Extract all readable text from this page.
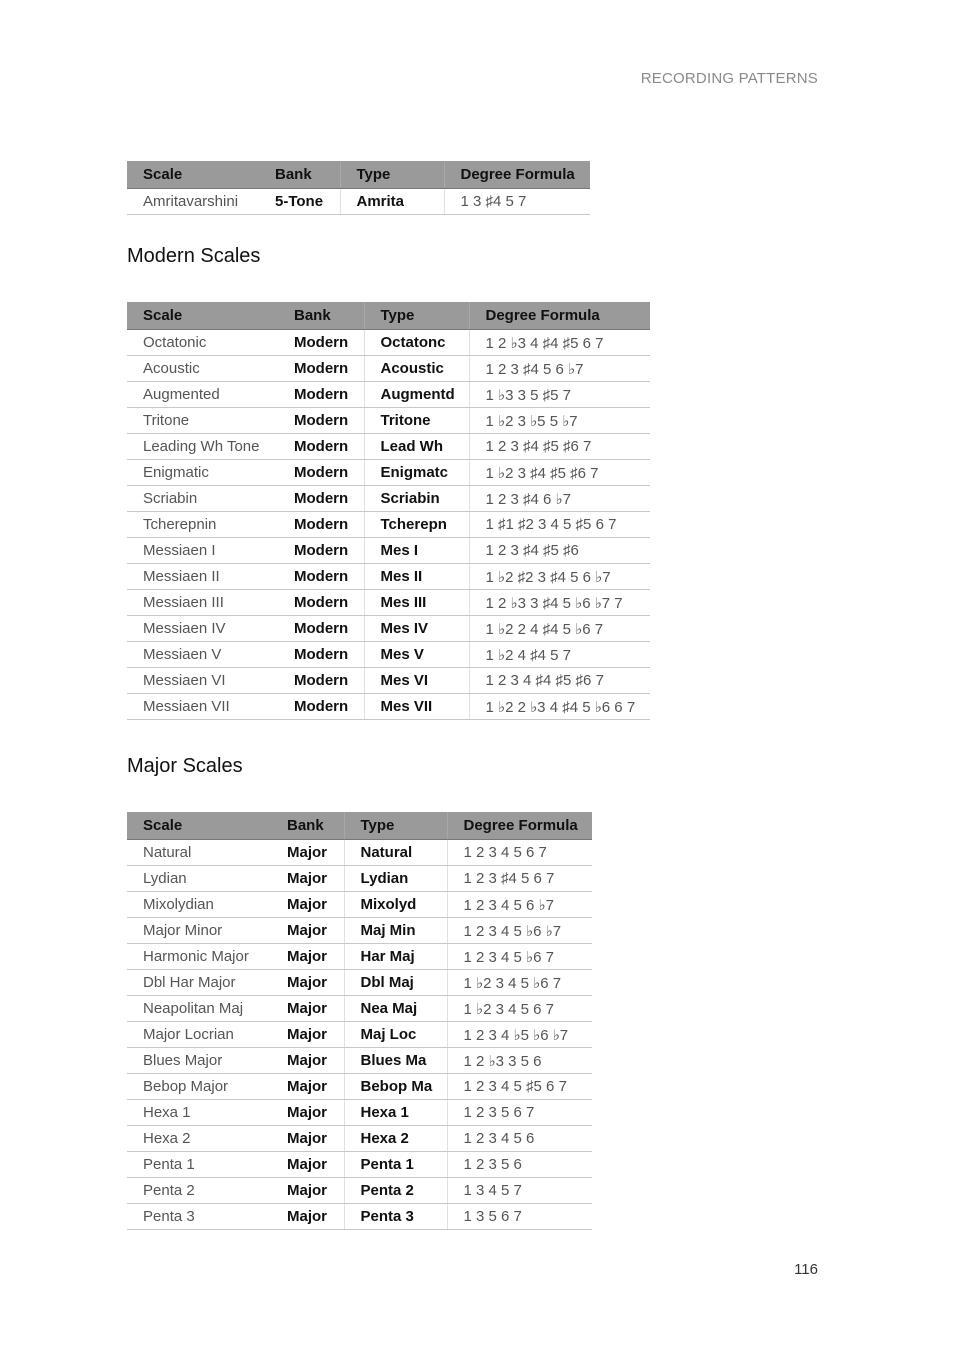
RECORDING PATTERNS
Scale	Bank	Type	Degree Formula
Amritavarshini	5-Tone	Amrita	1 3 ♯4 5 7
Modern Scales
Scale	Bank	Type	Degree Formula
Octatonic	Modern	Octatonc	1 2 ♭3 4 ♯4 ♯5 6 7
Acoustic	Modern	Acoustic	1 2 3 ♯4 5 6 ♭7
Augmented	Modern	Augmentd	1 ♭3 3 5 ♯5 7
Tritone	Modern	Tritone	1 ♭2 3 ♭5 5 ♭7
Leading Wh Tone	Modern	Lead Wh	1 2 3 ♯4 ♯5 ♯6 7
Enigmatic	Modern	Enigmatc	1 ♭2 3 ♯4 ♯5 ♯6 7
Scriabin	Modern	Scriabin	1 2 3 ♯4 6 ♭7
Tcherepnin	Modern	Tcherepn	1 ♯1 ♯2 3 4 5 ♯5 6 7
Messiaen I	Modern	Mes I	1 2 3 ♯4 ♯5 ♯6
Messiaen II	Modern	Mes II	1 ♭2 ♯2 3 ♯4 5 6 ♭7
Messiaen III	Modern	Mes III	1 2 ♭3 3 ♯4 5 ♭6 ♭7 7
Messiaen IV	Modern	Mes IV	1 ♭2 2 4 ♯4 5 ♭6 7
Messiaen V	Modern	Mes V	1 ♭2 4 ♯4 5 7
Messiaen VI	Modern	Mes VI	1 2 3 4 ♯4 ♯5 ♯6 7
Messiaen VII	Modern	Mes VII	1 ♭2 2 ♭3 4 ♯4 5 ♭6 6 7
Major Scales
Scale	Bank	Type	Degree Formula
Natural	Major	Natural	1 2 3 4 5 6 7
Lydian	Major	Lydian	1 2 3 ♯4 5 6 7
Mixolydian	Major	Mixolyd	1 2 3 4 5 6 ♭7
Major Minor	Major	Maj Min	1 2 3 4 5 ♭6 ♭7
Harmonic Major	Major	Har Maj	1 2 3 4 5 ♭6 7
Dbl Har Major	Major	Dbl Maj	1 ♭2 3 4 5 ♭6 7
Neapolitan Maj	Major	Nea Maj	1 ♭2 3 4 5 6 7
Major Locrian	Major	Maj Loc	1 2 3 4 ♭5 ♭6 ♭7
Blues Major	Major	Blues Ma	1 2 ♭3 3 5 6
Bebop Major	Major	Bebop Ma	1 2 3 4 5 ♯5 6 7
Hexa 1	Major	Hexa 1	1 2 3 5 6 7
Hexa 2	Major	Hexa 2	1 2 3 4 5 6
Penta 1	Major	Penta 1	1 2 3 5 6
Penta 2	Major	Penta 2	1 3 4 5 7
Penta 3	Major	Penta 3	1 3 5 6 7
116
